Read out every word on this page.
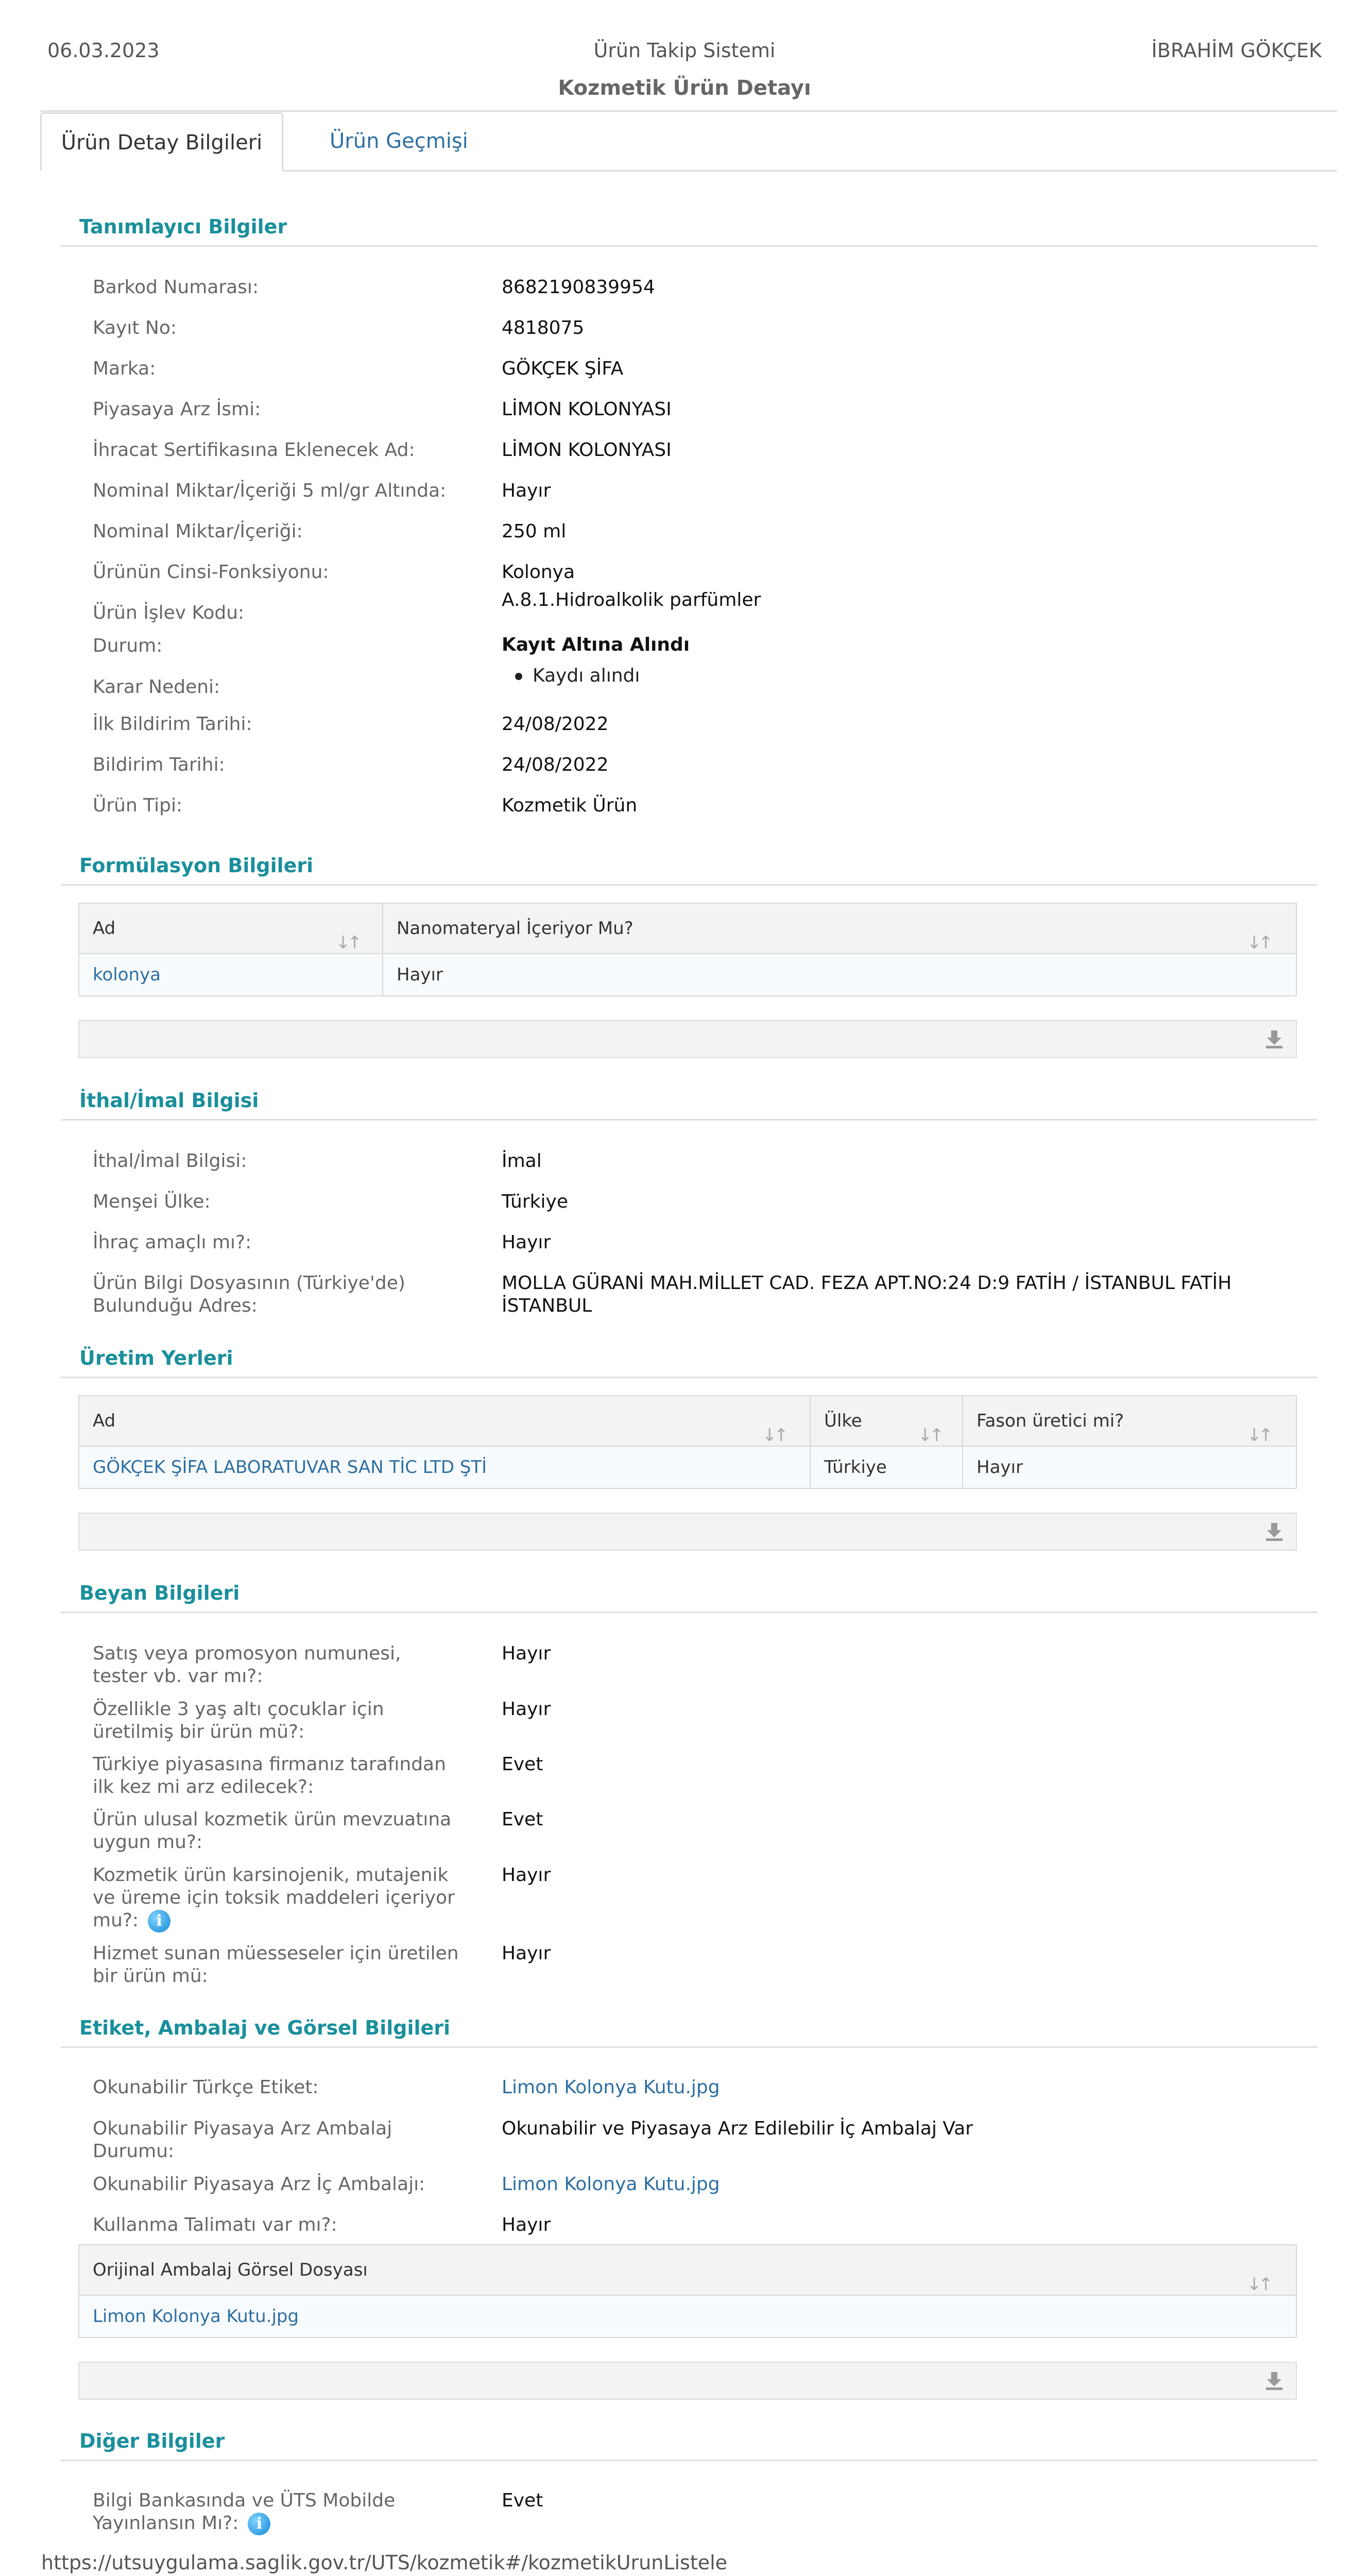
06.03.2023	Ürün Takip Sistemi	İBRAHİM GÖKÇEK
Kozmetik Ürün Detayı
Ürün Detay Bilgileri	Ürün Geçmişi
Tanımlayıcı Bilgiler
Barkod Numarası:	8682190839954
Kayıt No:	4818075
Marka:	GÖKÇEK ŞİFA
Piyasaya Arz İsmi:	LİMON KOLONYASI
İhracat Sertifikasına Eklenecek Ad:	LİMON KOLONYASI
Nominal Miktar/İçeriği 5 ml/gr Altında:	Hayır
Nominal Miktar/İçeriği:	250 ml
Ürünün Cinsi-Fonksiyonu:	Kolonya
Ürün İşlev Kodu:
A.8.1.Hidroalkolik parfümler
Durum:	Kayıt Altına Alındı
Karar Nedeni:
Kaydı alındı
İlk Bildirim Tarihi:	24/08/2022
Bildirim Tarihi:	24/08/2022
Ürün Tipi:	Kozmetik Ürün
Formülasyon Bilgileri
Ad
↓↑
Nanomateryal İçeriyor Mu?
↓↑
kolonya	Hayır
İthal/İmal Bilgisi
İthal/İmal Bilgisi:	İmal
Menşei Ülke:	Türkiye
İhraç amaçlı mı?:	Hayır
Ürün Bilgi Dosyasının (Türkiye'de) Bulunduğu Adres:
MOLLA GÜRANİ MAH.MİLLET CAD. FEZA APT.NO:24 D:9 FATİH / İSTANBUL FATİH İSTANBUL
Üretim Yerleri
Ad
↓↑
Ülke
↓↑
Fason üretici mi?
↓↑
GÖKÇEK ŞİFA LABORATUVAR SAN TİC LTD ŞTİ	Türkiye	Hayır
Beyan Bilgileri
Satış veya promosyon numunesi, tester vb. var mı?:
Hayır
Özellikle 3 yaş altı çocuklar için üretilmiş bir ürün mü?:
Hayır
Türkiye piyasasına firmanız tarafından ilk kez mi arz edilecek?:
Evet
Ürün ulusal kozmetik ürün mevzuatına uygun mu?:
Evet
Kozmetik ürün karsinojenik, mutajenik ve üreme için toksik maddeleri içeriyor mu?: i
Hayır
Hizmet sunan müesseseler için üretilen bir ürün mü:
Hayır
Etiket, Ambalaj ve Görsel Bilgileri
Okunabilir Türkçe Etiket:	Limon Kolonya Kutu.jpg
Okunabilir Piyasaya Arz Ambalaj Durumu:
Okunabilir ve Piyasaya Arz Edilebilir İç Ambalaj Var
Okunabilir Piyasaya Arz İç Ambalajı:	Limon Kolonya Kutu.jpg
Kullanma Talimatı var mı?:	Hayır
Orijinal Ambalaj Görsel Dosyası
↓↑
Limon Kolonya Kutu.jpg
Diğer Bilgiler
Bilgi Bankasında ve ÜTS Mobilde Yayınlansın Mı?: i
Evet
https://utsuygulama.saglik.gov.tr/UTS/kozmetik#/kozmetikUrunListele
